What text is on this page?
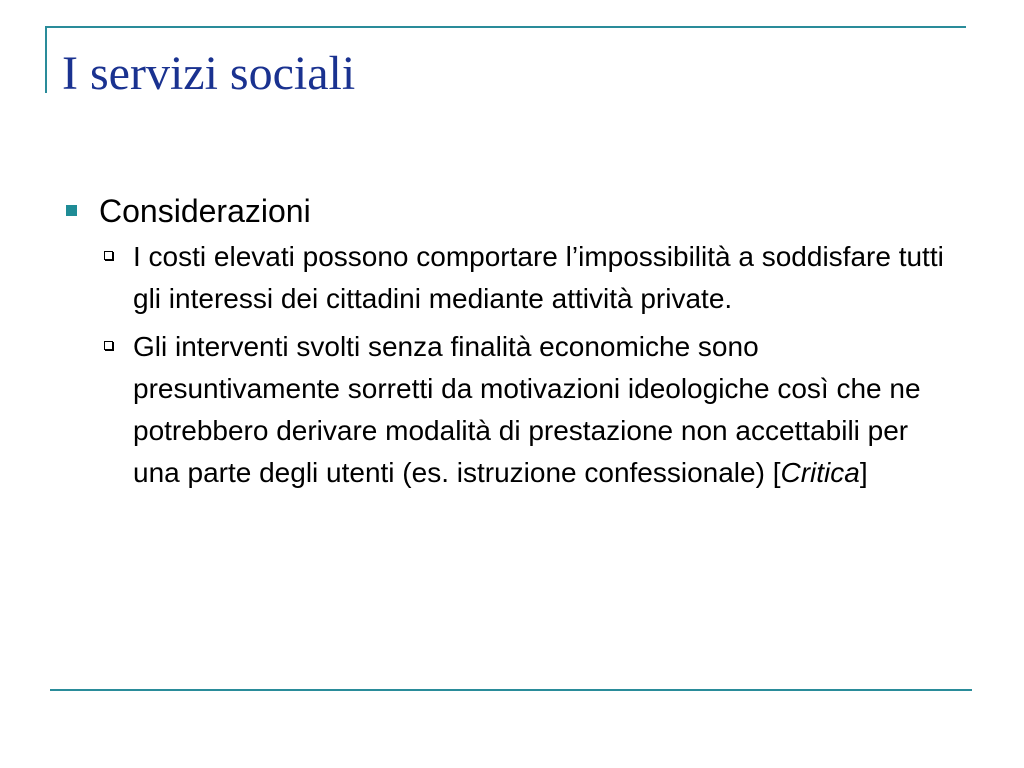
I servizi sociali
Considerazioni
I costi elevati possono comportare l’impossibilità a soddisfare tutti gli interessi dei cittadini mediante attività private.
Gli interventi svolti senza finalità economiche sono presuntivamente sorretti da motivazioni ideologiche così che ne potrebbero derivare modalità di prestazione non accettabili per una parte degli utenti (es. istruzione confessionale) [Critica]
